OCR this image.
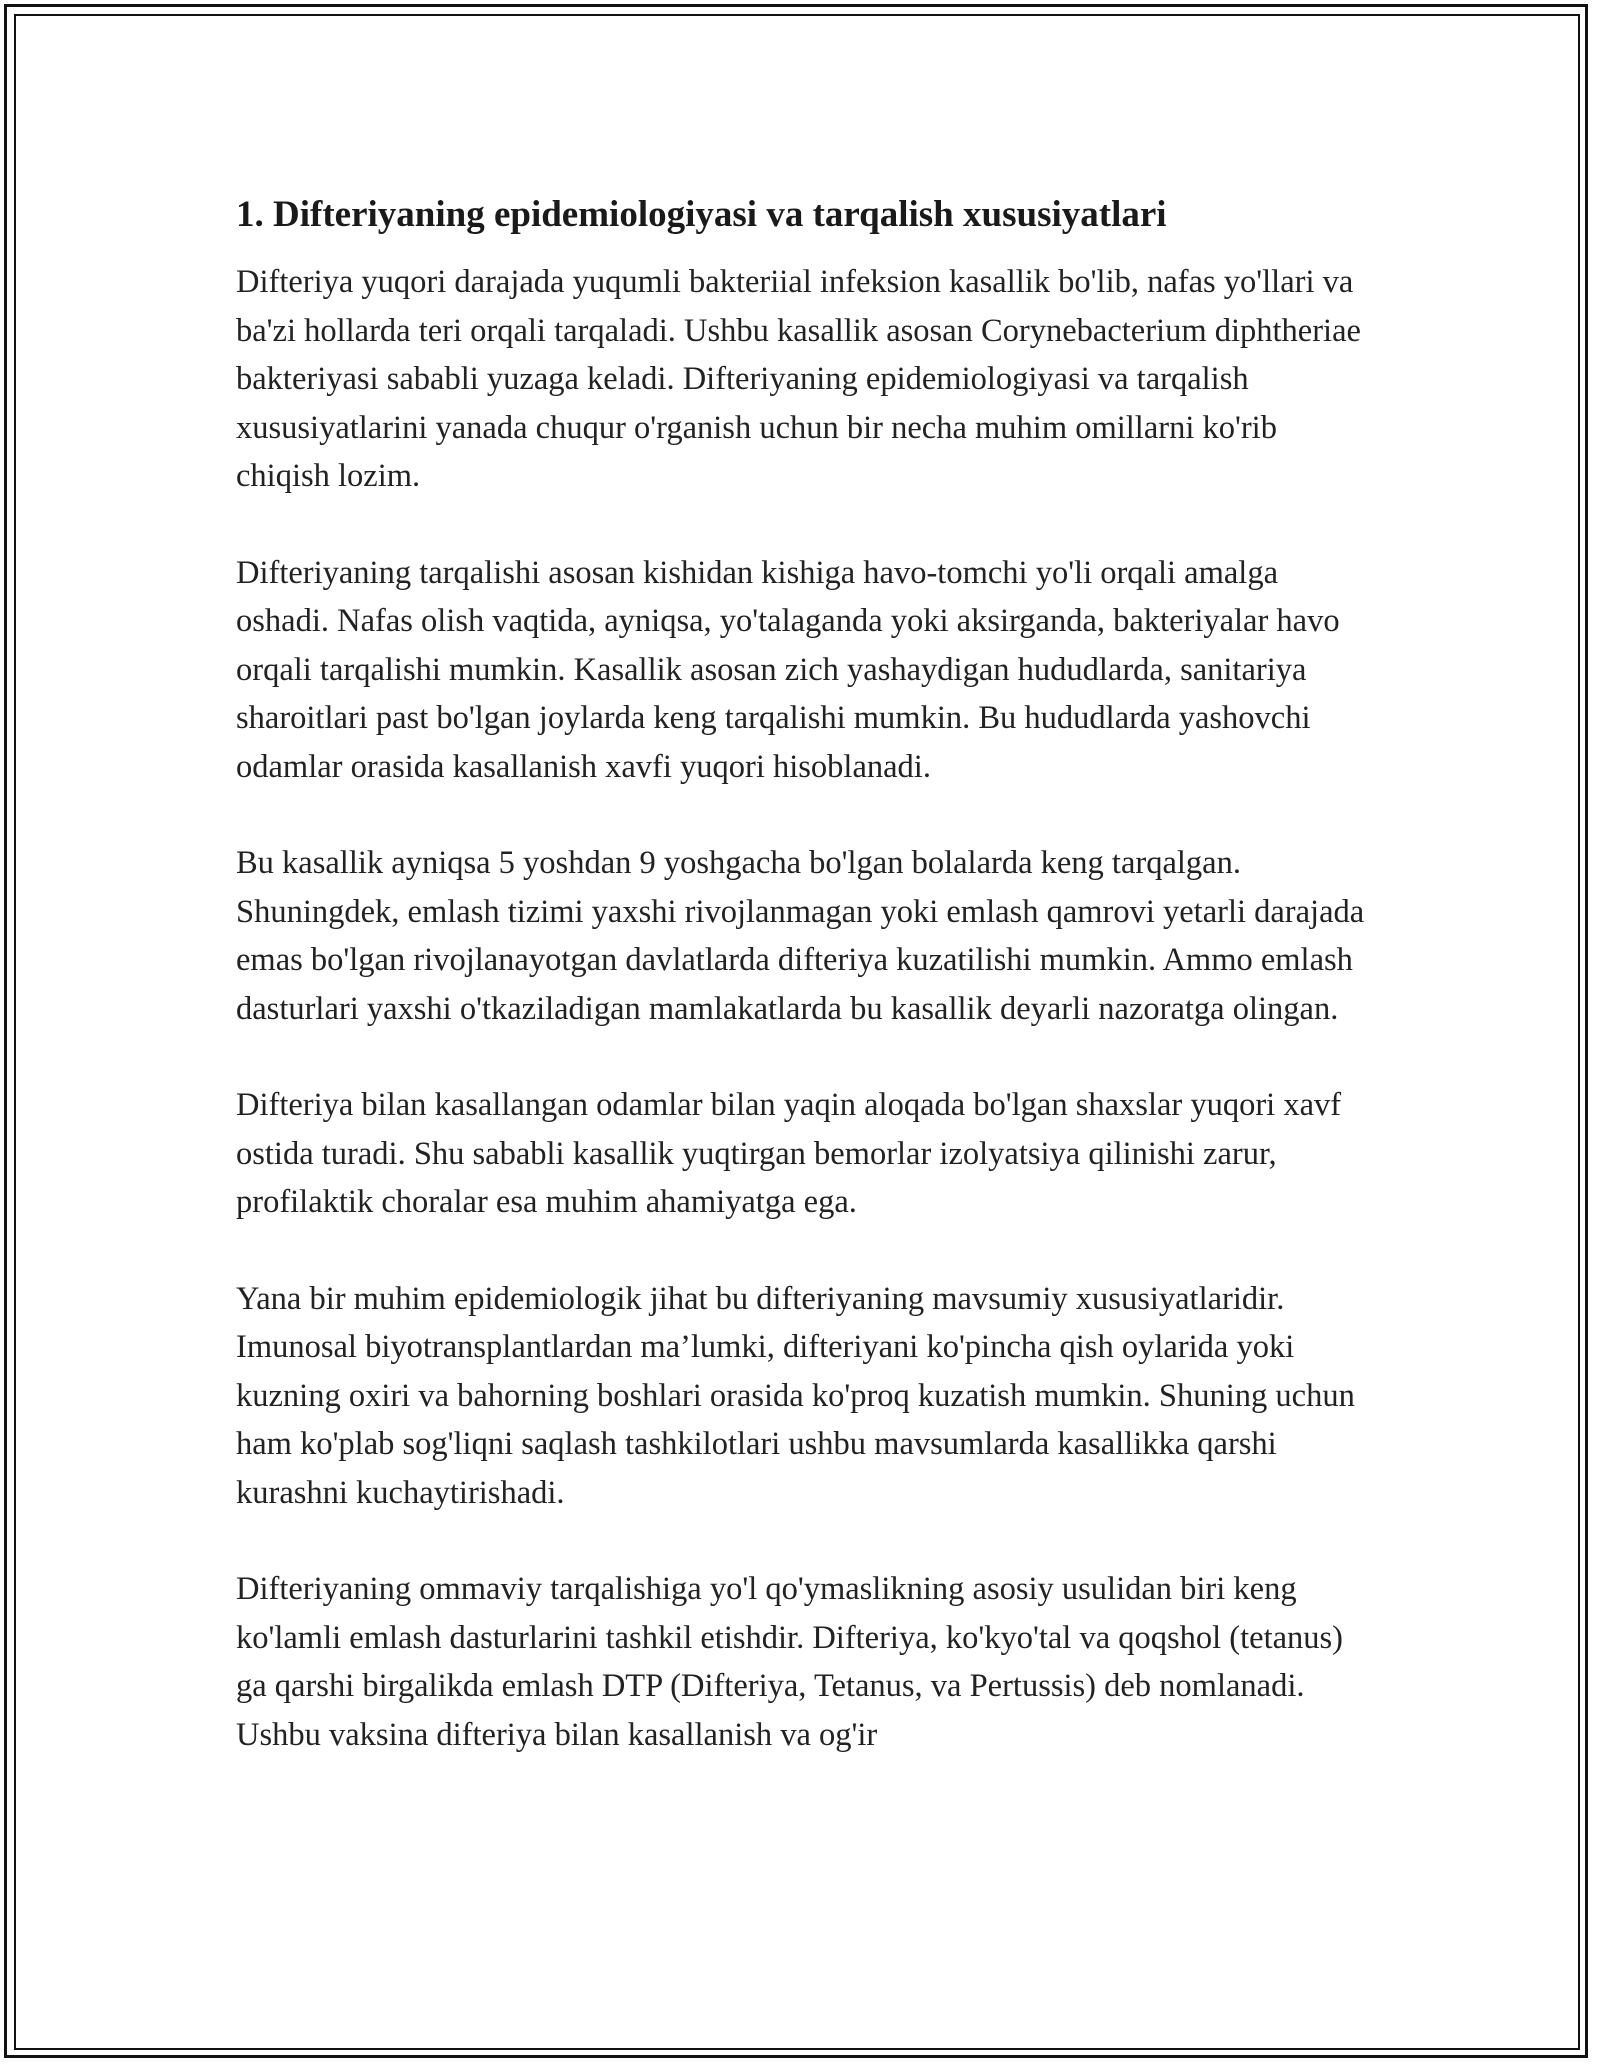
1. Difteriyaning epidemiologiyasi va tarqalish xususiyatlari

Difteriya yuqori darajada yuqumli bakteriial infeksion kasallik bo'lib, nafas yo'llari va ba'zi hollarda teri orqali tarqaladi. Ushbu kasallik asosan Corynebacterium diphtheriae bakteriyasi sababli yuzaga keladi. Difteriyaning epidemiologiyasi va tarqalish xususiyatlarini yanada chuqur o'rganish uchun bir necha muhim omillarni ko'rib chiqish lozim.

Difteriyaning tarqalishi asosan kishidan kishiga havo-tomchi yo'li orqali amalga oshadi. Nafas olish vaqtida, ayniqsa, yo'talaganda yoki aksirganda, bakteriyalar havo orqali tarqalishi mumkin. Kasallik asosan zich yashaydigan hududlarda, sanitariya sharoitlari past bo'lgan joylarda keng tarqalishi mumkin. Bu hududlarda yashovchi odamlar orasida kasallanish xavfi yuqori hisoblanadi.

Bu kasallik ayniqsa 5 yoshdan 9 yoshgacha bo'lgan bolalarda keng tarqalgan. Shuningdek, emlash tizimi yaxshi rivojlanmagan yoki emlash qamrovi yetarli darajada emas bo'lgan rivojlanayotgan davlatlarda difteriya kuzatilishi mumkin. Ammo emlash dasturlari yaxshi o'tkaziladigan mamlakatlarda bu kasallik deyarli nazoratga olingan.

Difteriya bilan kasallangan odamlar bilan yaqin aloqada bo'lgan shaxslar yuqori xavf ostida turadi. Shu sababli kasallik yuqtirgan bemorlar izolyatsiya qilinishi zarur, profilaktik choralar esa muhim ahamiyatga ega.

Yana bir muhim epidemiologik jihat bu difteriyaning mavsumiy xususiyatlaridir. Imunosal biyotransplantlardan ma’lumki, difteriyani ko'pincha qish oylarida yoki kuzning oxiri va bahorning boshlari orasida ko'proq kuzatish mumkin. Shuning uchun ham ko'plab sog'liqni saqlash tashkilotlari ushbu mavsumlarda kasallikka qarshi kurashni kuchaytirishadi.

Difteriyaning ommaviy tarqalishiga yo'l qo'ymaslikning asosiy usulidan biri keng ko'lamli emlash dasturlarini tashkil etishdir. Difteriya, ko'kyo'tal va qoqshol (tetanus) ga qarshi birgalikda emlash DTP (Difteriya, Tetanus, va Pertussis) deb nomlanadi. Ushbu vaksina difteriya bilan kasallanish va og'ir
